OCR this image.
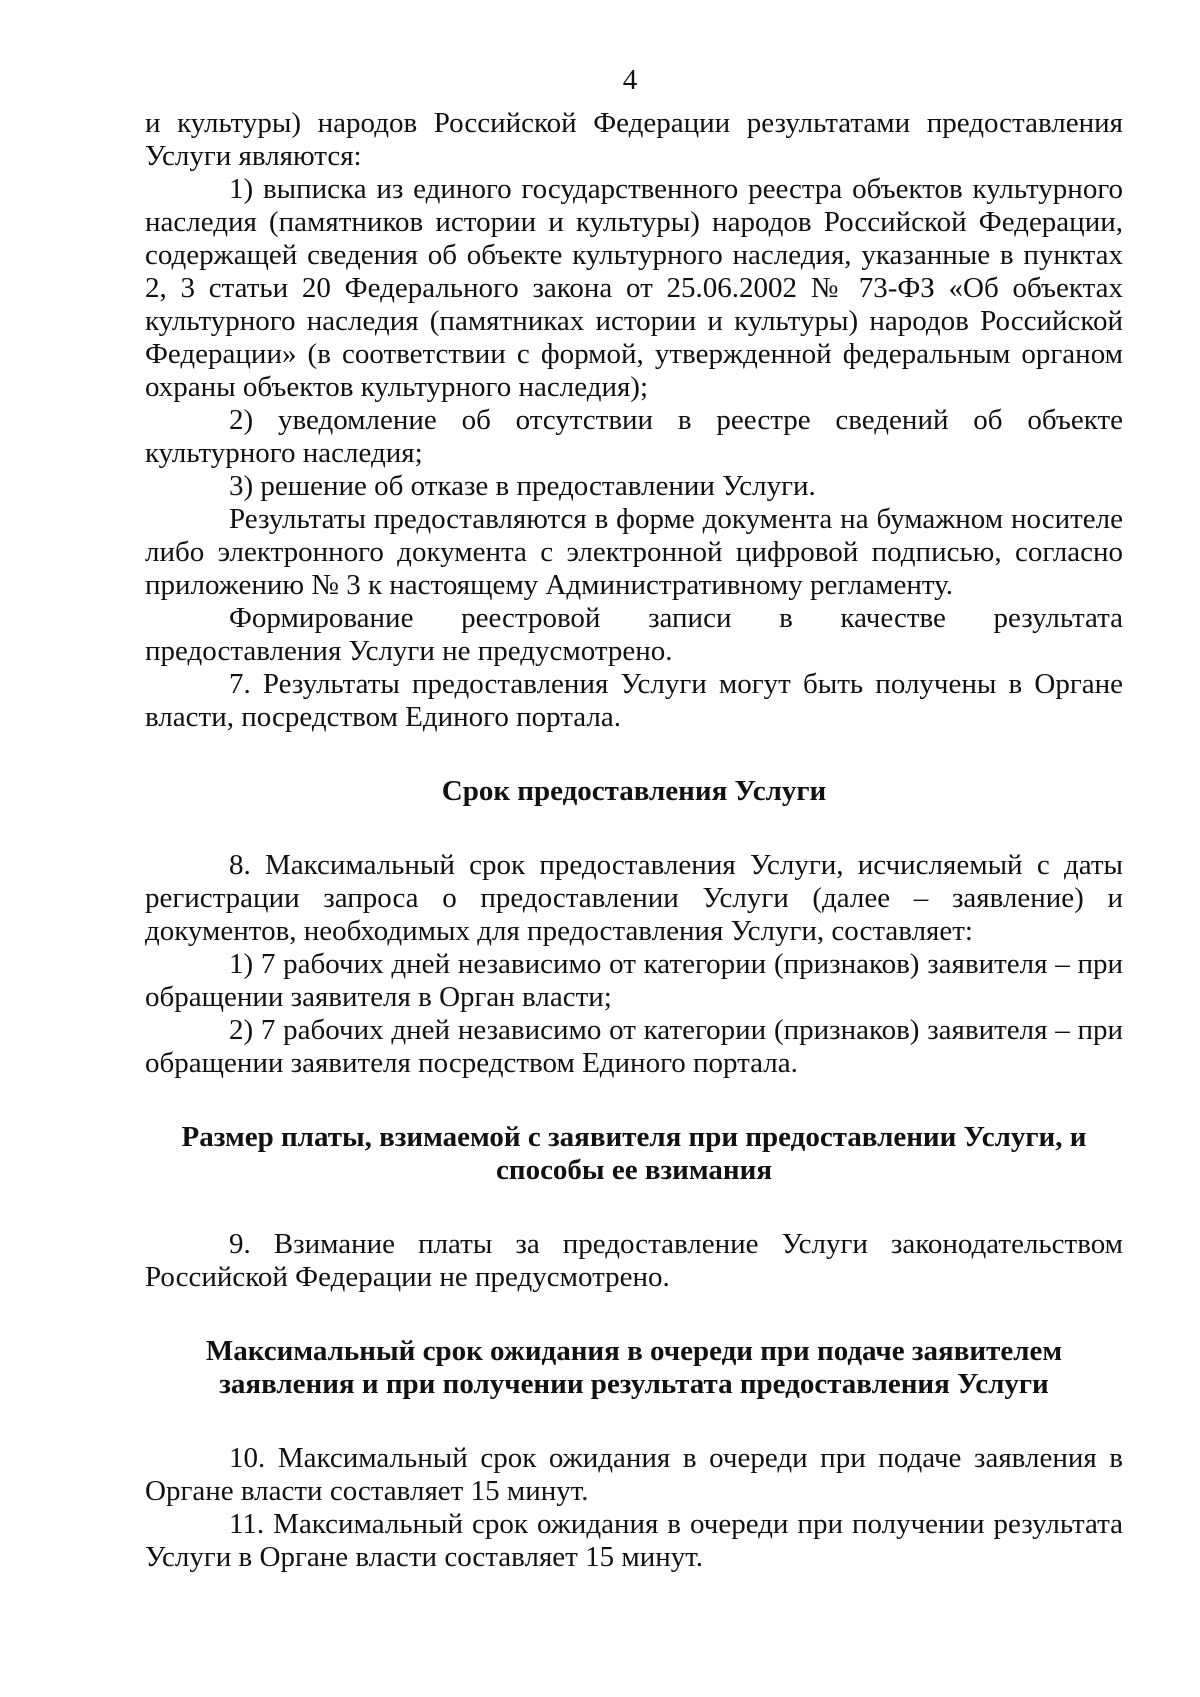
4

и культуры) народов Российской Федерации результатами предоставления Услуги являются:

1) выписка из единого государственного реестра объектов культурного наследия (памятников истории и культуры) народов Российской Федерации, содержащей сведения об объекте культурного наследия, указанные в пунктах 2, 3 статьи 20 Федерального закона от 25.06.2002 № 73-ФЗ «Об объектах культурного наследия (памятниках истории и культуры) народов Российской Федерации» (в соответствии с формой, утвержденной федеральным органом охраны объектов культурного наследия);

2) уведомление об отсутствии в реестре сведений об объекте культурного наследия;

3) решение об отказе в предоставлении Услуги.

Результаты предоставляются в форме документа на бумажном носителе либо электронного документа с электронной цифровой подписью, согласно приложению № 3 к настоящему Административному регламенту.

Формирование реестровой записи в качестве результата предоставления Услуги не предусмотрено.

7. Результаты предоставления Услуги могут быть получены в Органе власти, посредством Единого портала.

Срок предоставления Услуги

8. Максимальный срок предоставления Услуги, исчисляемый с даты регистрации запроса о предоставлении Услуги (далее – заявление) и документов, необходимых для предоставления Услуги, составляет:

1) 7 рабочих дней независимо от категории (признаков) заявителя – при обращении заявителя в Орган власти;

2) 7 рабочих дней независимо от категории (признаков) заявителя – при обращении заявителя посредством Единого портала.

Размер платы, взимаемой с заявителя при предоставлении Услуги, и
способы ее взимания

9. Взимание платы за предоставление Услуги законодательством Российской Федерации не предусмотрено.

Максимальный срок ожидания в очереди при подаче заявителем
заявления и при получении результата предоставления Услуги

10. Максимальный срок ожидания в очереди при подаче заявления в Органе власти составляет 15 минут.

11. Максимальный срок ожидания в очереди при получении результата Услуги в Органе власти составляет 15 минут.
